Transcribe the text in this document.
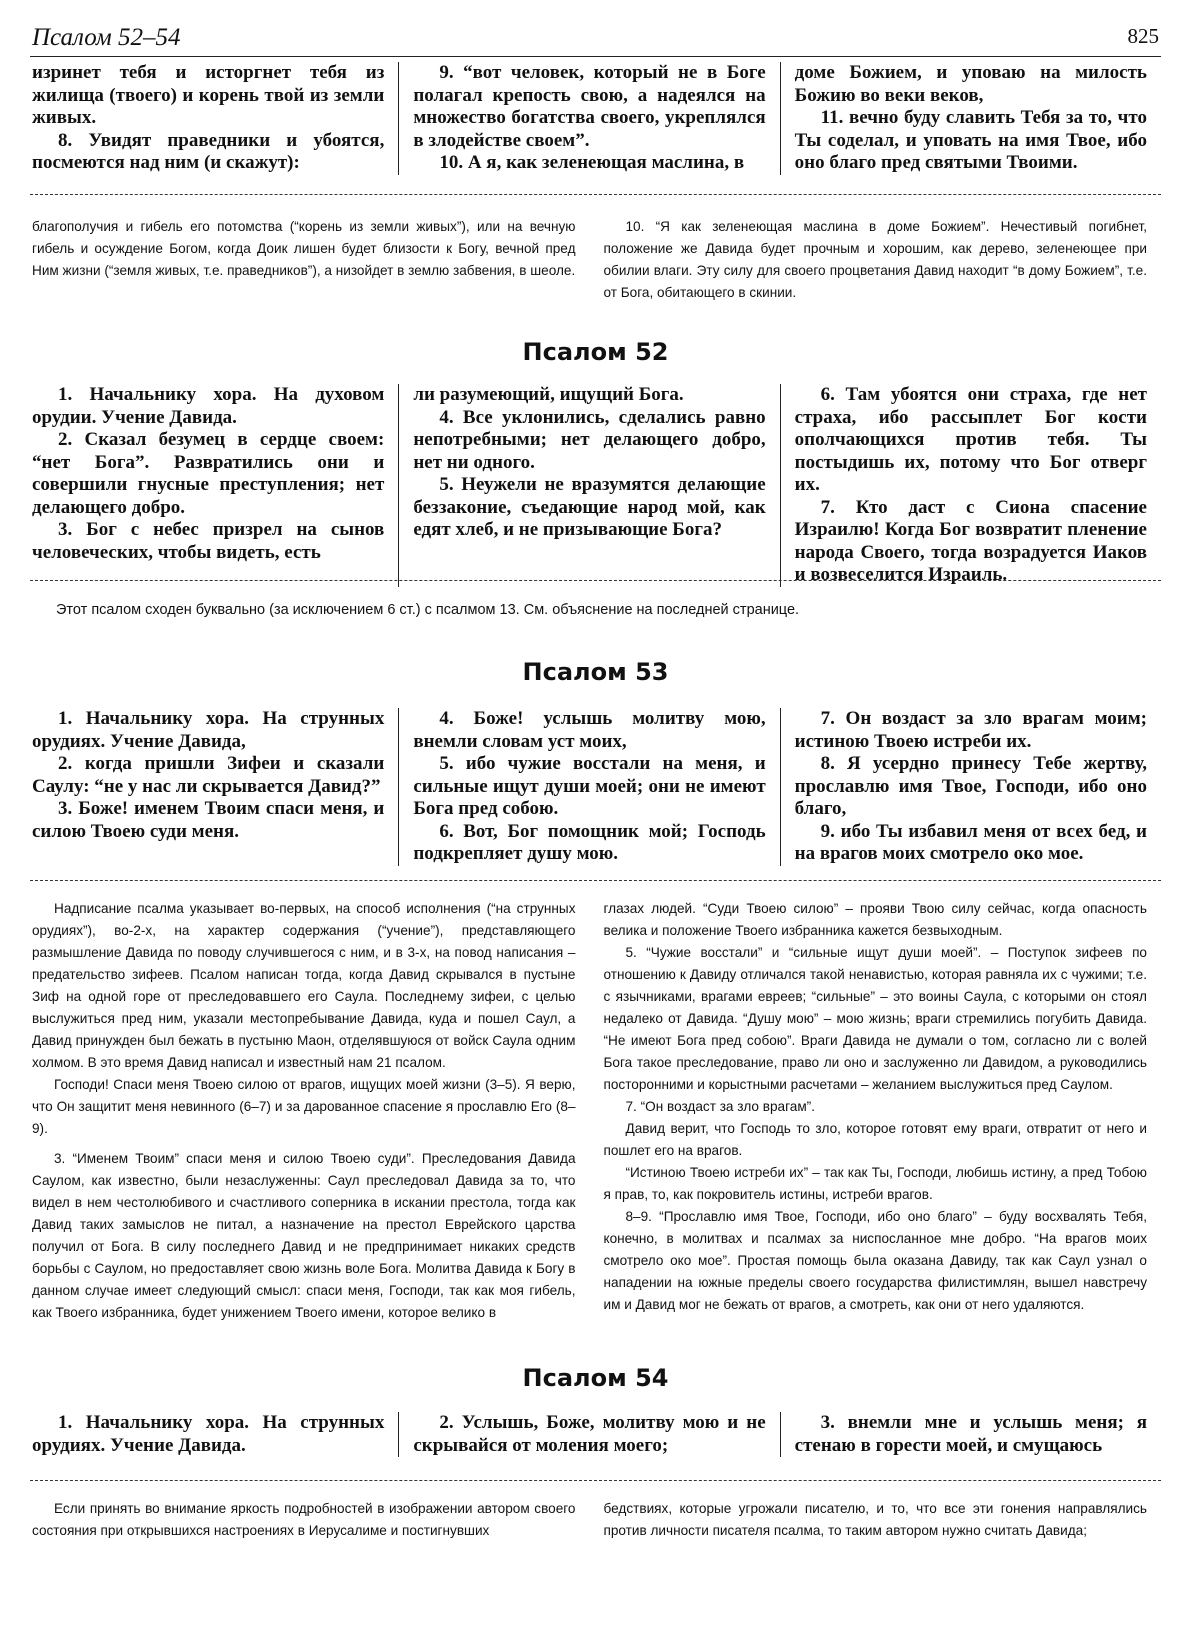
Псалом 52–54	825

изринет тебя и исторгнет тебя из жилища (твоего) и корень твой из земли живых.

8. Увидят праведники и убоятся, посмеются над ним (и скажут):

9. “вот человек, который не в Боге полагал крепость свою, а надеялся на множество богатства своего, укреплялся в злодействе своем”.

10. А я, как зеленеющая маслина, в

доме Божием, и уповаю на милость Божию во веки веков,

11. вечно буду славить Тебя за то, что Ты соделал, и уповать на имя Твое, ибо оно благо пред святыми Твоими.

благополучия и гибель его потомства (“корень из земли живых”), или на вечную гибель и осуждение Богом, когда Доик лишен будет близости к Богу, вечной пред Ним жизни (“земля живых, т.е. праведников”), а низойдет в землю забвения, в шеоле.

10. “Я как зеленеющая маслина в доме Божием”. Нечестивый погибнет, положение же Давида будет прочным и хорошим, как дерево, зеленеющее при обилии влаги. Эту силу для своего процветания Давид находит “в дому Божием”, т.е. от Бога, обитающего в скинии.

Псалом 52

1. Начальнику хора. На духовом орудии. Учение Давида.

2. Сказал безумец в сердце своем: “нет Бога”. Развратились они и совершили гнусные преступления; нет делающего добро.

3. Бог с небес призрел на сынов человеческих, чтобы видеть, есть

ли разумеющий, ищущий Бога.

4. Все уклонились, сделались равно непотребными; нет делающего добро, нет ни одного.

5. Неужели не вразумятся делающие беззаконие, съедающие народ мой, как едят хлеб, и не призывающие Бога?

6. Там убоятся они страха, где нет страха, ибо рассыплет Бог кости ополчающихся против тебя. Ты постыдишь их, потому что Бог отверг их.

7. Кто даст с Сиона спасение Израилю! Когда Бог возвратит пленение народа Своего, тогда возрадуется Иаков и возвеселится Израиль.

Этот псалом сходен буквально (за исключением 6 ст.) с псалмом 13. См. объяснение на последней странице.
Псалом 53

1. Начальнику хора. На струнных орудиях. Учение Давида,

2. когда пришли Зифеи и сказали Саулу: “не у нас ли скрывается Давид?”

3. Боже! именем Твоим спаси меня, и силою Твоею суди меня.

4. Боже! услышь молитву мою, внемли словам уст моих,

5. ибо чужие восстали на меня, и сильные ищут души моей; они не имеют Бога пред собою.

6. Вот, Бог помощник мой; Господь подкрепляет душу мою.

7. Он воздаст за зло врагам моим; истиною Твоею истреби их.

8. Я усердно принесу Тебе жертву, прославлю имя Твое, Господи, ибо оно благо,

9. ибо Ты избавил меня от всех бед, и на врагов моих смотрело око мое.

Надписание псалма указывает во-первых, на способ исполнения (“на струнных орудиях”), во-2-х, на характер содержания (“учение”), представляющего размышление Давида по поводу случившегося с ним, и в 3-х, на повод написания – предательство зифеев. Псалом написан тогда, когда Давид скрывался в пустыне Зиф на одной горе от преследовавшего его Саула. Последнему зифеи, с целью выслужиться пред ним, указали местопребывание Давида, куда и пошел Саул, а Давид принужден был бежать в пустыню Маон, отделявшуюся от войск Саула одним холмом. В это время Давид написал и известный нам 21 псалом.

Господи! Спаси меня Твоею силою от врагов, ищущих моей жизни (3–5). Я верю, что Он защитит меня невинного (6–7) и за дарованное спасение я прославлю Его (8–9).

3. “Именем Твоим” спаси меня и силою Твоею суди”. Преследования Давида Саулом, как известно, были незаслуженны: Саул преследовал Давида за то, что видел в нем честолюбивого и счастливого соперника в искании престола, тогда как Давид таких замыслов не питал, а назначение на престол Еврейского царства получил от Бога. В силу последнего Давид и не предпринимает никаких средств борьбы с Саулом, но предоставляет свою жизнь воле Бога. Молитва Давида к Богу в данном случае имеет следующий смысл: спаси меня, Господи, так как моя гибель, как Твоего избранника, будет унижением Твоего имени, которое велико в

глазах людей. “Суди Твоею силою” – прояви Твою силу сейчас, когда опасность велика и положение Твоего избранника кажется безвыходным.

5. “Чужие восстали” и “сильные ищут души моей”. – Поступок зифеев по отношению к Давиду отличался такой ненавистью, которая равняла их с чужими; т.е. с язычниками, врагами евреев; “сильные” – это воины Саула, с которыми он стоял недалеко от Давида. “Душу мою” – мою жизнь; враги стремились погубить Давида. “Не имеют Бога пред собою”. Враги Давида не думали о том, согласно ли с волей Бога такое преследование, право ли оно и заслуженно ли Давидом, а руководились посторонними и корыстными расчетами – желанием выслужиться пред Саулом.

7. “Он воздаст за зло врагам”.

Давид верит, что Господь то зло, которое готовят ему враги, отвратит от него и пошлет его на врагов.

“Истиною Твоею истреби их” – так как Ты, Господи, любишь истину, а пред Тобою я прав, то, как покровитель истины, истреби врагов.

8–9. “Прославлю имя Твое, Господи, ибо оно благо” – буду восхвалять Тебя, конечно, в молитвах и псалмах за ниспосланное мне добро. “На врагов моих смотрело око мое”. Простая помощь была оказана Давиду, так как Саул узнал о нападении на южные пределы своего государства филистимлян, вышел навстречу им и Давид мог не бежать от врагов, а смотреть, как они от него удаляются.

Псалом 54

1. Начальнику хора. На струнных орудиях. Учение Давида.

2. Услышь, Боже, молитву мою и не скрывайся от моления моего;

3. внемли мне и услышь меня; я стенаю в горести моей, и смущаюсь

Если принять во внимание яркость подробностей в изображении автором своего состояния при открывшихся настроениях в Иерусалиме и постигнувших

бедствиях, которые угрожали писателю, и то, что все эти гонения направлялись против личности писателя псалма, то таким автором нужно считать Давида;
